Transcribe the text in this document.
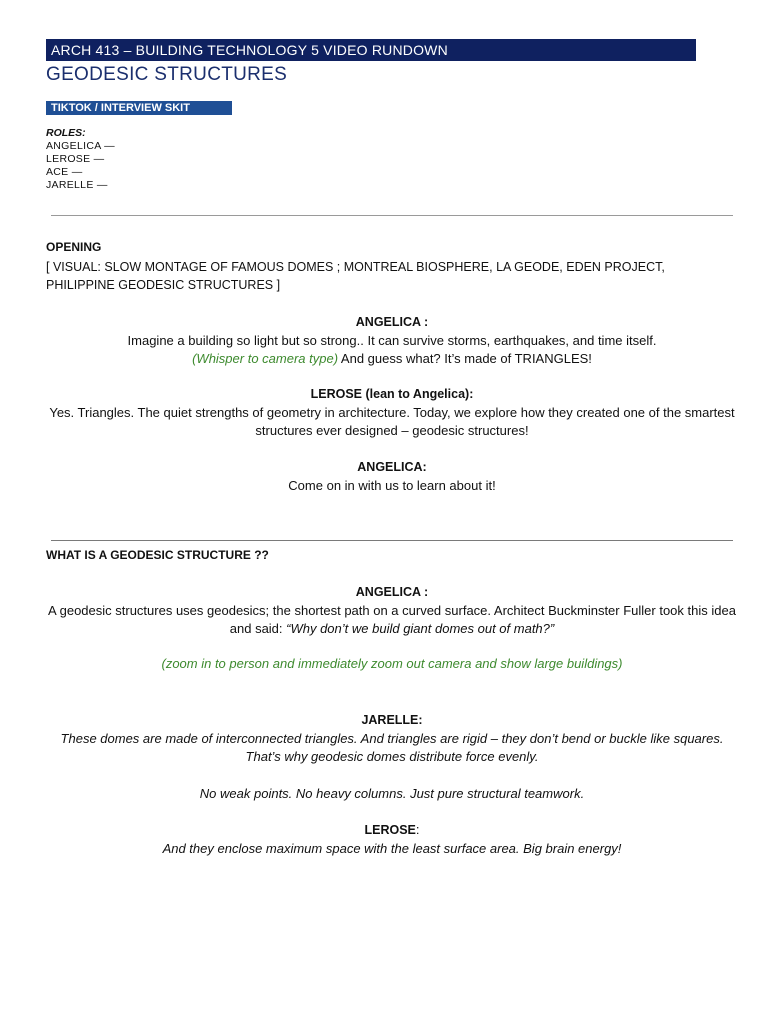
ARCH 413 – BUILDING TECHNOLOGY 5 VIDEO RUNDOWN
GEODESIC STRUCTURES
TIKTOK / INTERVIEW SKIT
ROLES:
ANGELICA —
LEROSE —
ACE —
JARELLE —
OPENING
[ VISUAL: SLOW MONTAGE OF FAMOUS DOMES ; MONTREAL BIOSPHERE, LA GEODE, EDEN PROJECT, PHILIPPINE GEODESIC STRUCTURES ]
ANGELICA :
Imagine a building so light but so strong.. It can survive storms, earthquakes, and time itself.
(Whisper to camera type) And guess what? It’s made of TRIANGLES!
LEROSE (lean to Angelica):
Yes. Triangles. The quiet strengths of geometry in architecture. Today, we explore how they created one of the smartest structures ever designed – geodesic structures!
ANGELICA:
Come on in with us to learn about it!
WHAT IS A GEODESIC STRUCTURE ??
ANGELICA :
A geodesic structures uses geodesics; the shortest path on a curved surface. Architect Buckminster Fuller took this idea and said: “Why don’t we build giant domes out of math?”
(zoom in to person and immediately zoom out camera and show large buildings)
JARELLE:
These domes are made of interconnected triangles. And triangles are rigid – they don’t bend or buckle like squares. That’s why geodesic domes distribute force evenly.
No weak points. No heavy columns. Just pure structural teamwork.
LEROSE:
And they enclose maximum space with the least surface area. Big brain energy!
